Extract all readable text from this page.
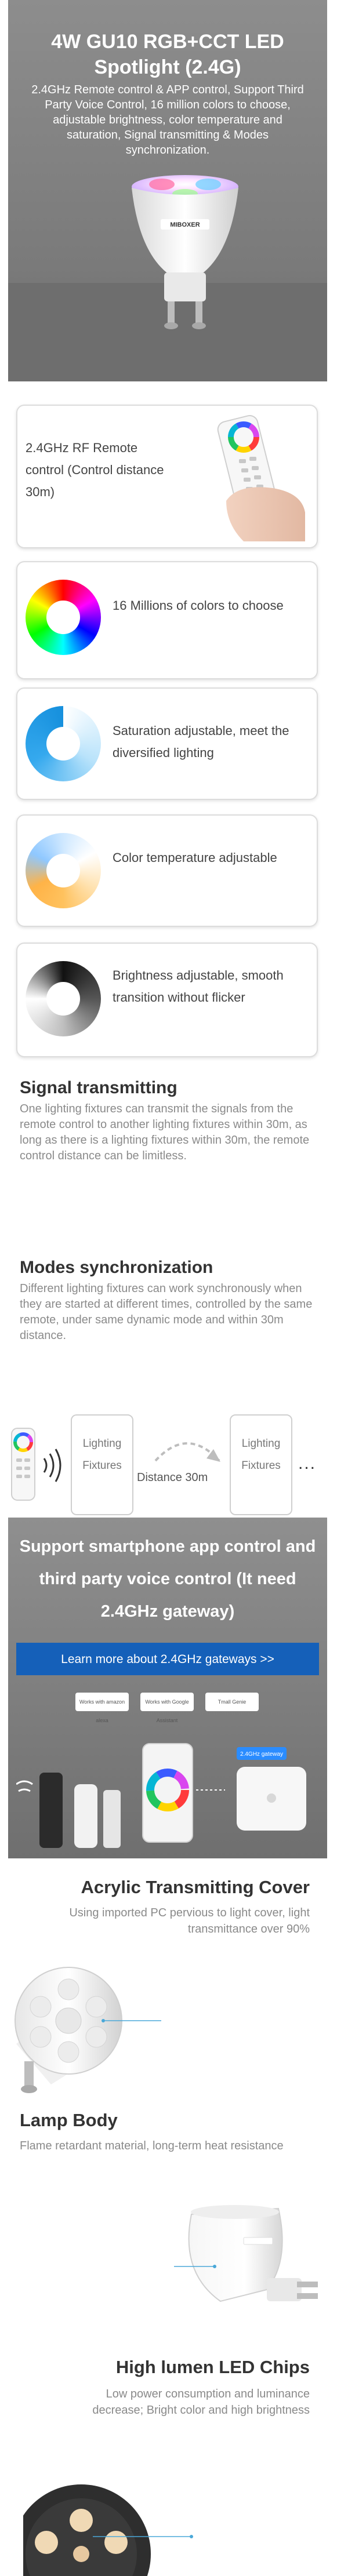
4W GU10 RGB+CCT LED Spotlight (2.4G)
2.4GHz Remote control & APP control, Support Third Party Voice Control, 16 million colors to choose, adjustable brightness, color temperature and saturation, Signal transmitting & Modes synchronization.
MIBOXER
2.4GHz RF Remote control (Control distance 30m)
16 Millions of colors to choose
Saturation adjustable, meet the diversified lighting
Color temperature adjustable
Brightness adjustable, smooth transition without flicker
Signal transmitting
One lighting fixtures can transmit the signals from the remote control to another lighting fixtures within 30m, as long as there is a lighting fixtures within 30m, the remote control distance can be limitless.
Modes synchronization
Different lighting fixtures can work synchronously when they are started at different times, controlled by the same remote, under same dynamic mode and within 30m distance.
Lighting Fixtures
Distance 30m
Lighting Fixtures	...
Support smartphone app control and third party voice control (It need 2.4GHz gateway)
Learn more about 2.4GHz gateways >>
Works with amazon alexa
Works with Google Assistant
Tmall Genie
2.4GHz gateway
Acrylic Transmitting Cover
Using imported PC pervious to light cover, light transmittance over 90%
Lamp Body
Flame retardant material, long-term heat resistance
High lumen LED Chips
Low power consumption and luminance decrease; Bright color and high brightness
